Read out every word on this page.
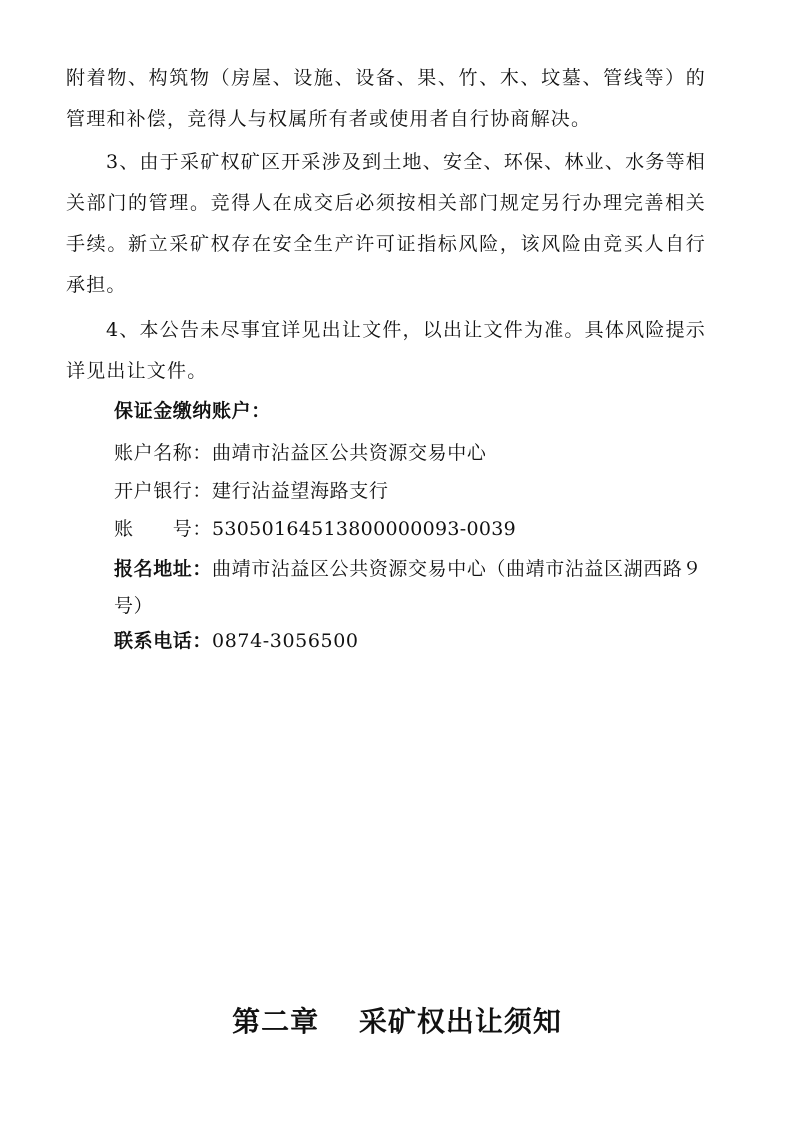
附着物、构筑物（房屋、设施、设备、果、竹、木、坟墓、管线等）的管理和补偿，竞得人与权属所有者或使用者自行协商解决。

3、由于采矿权矿区开采涉及到土地、安全、环保、林业、水务等相关部门的管理。竞得人在成交后必须按相关部门规定另行办理完善相关手续。新立采矿权存在安全生产许可证指标风险，该风险由竞买人自行承担。

4、本公告未尽事宜详见出让文件，以出让文件为准。具体风险提示详见出让文件。

保证金缴纳账户：

账户名称：曲靖市沾益区公共资源交易中心

开户银行：建行沾益望海路支行

账　　号：53050164513800000093-0039

报名地址：曲靖市沾益区公共资源交易中心（曲靖市沾益区湖西路９号）

联系电话：0874-3056500

第二章　 采矿权出让须知
